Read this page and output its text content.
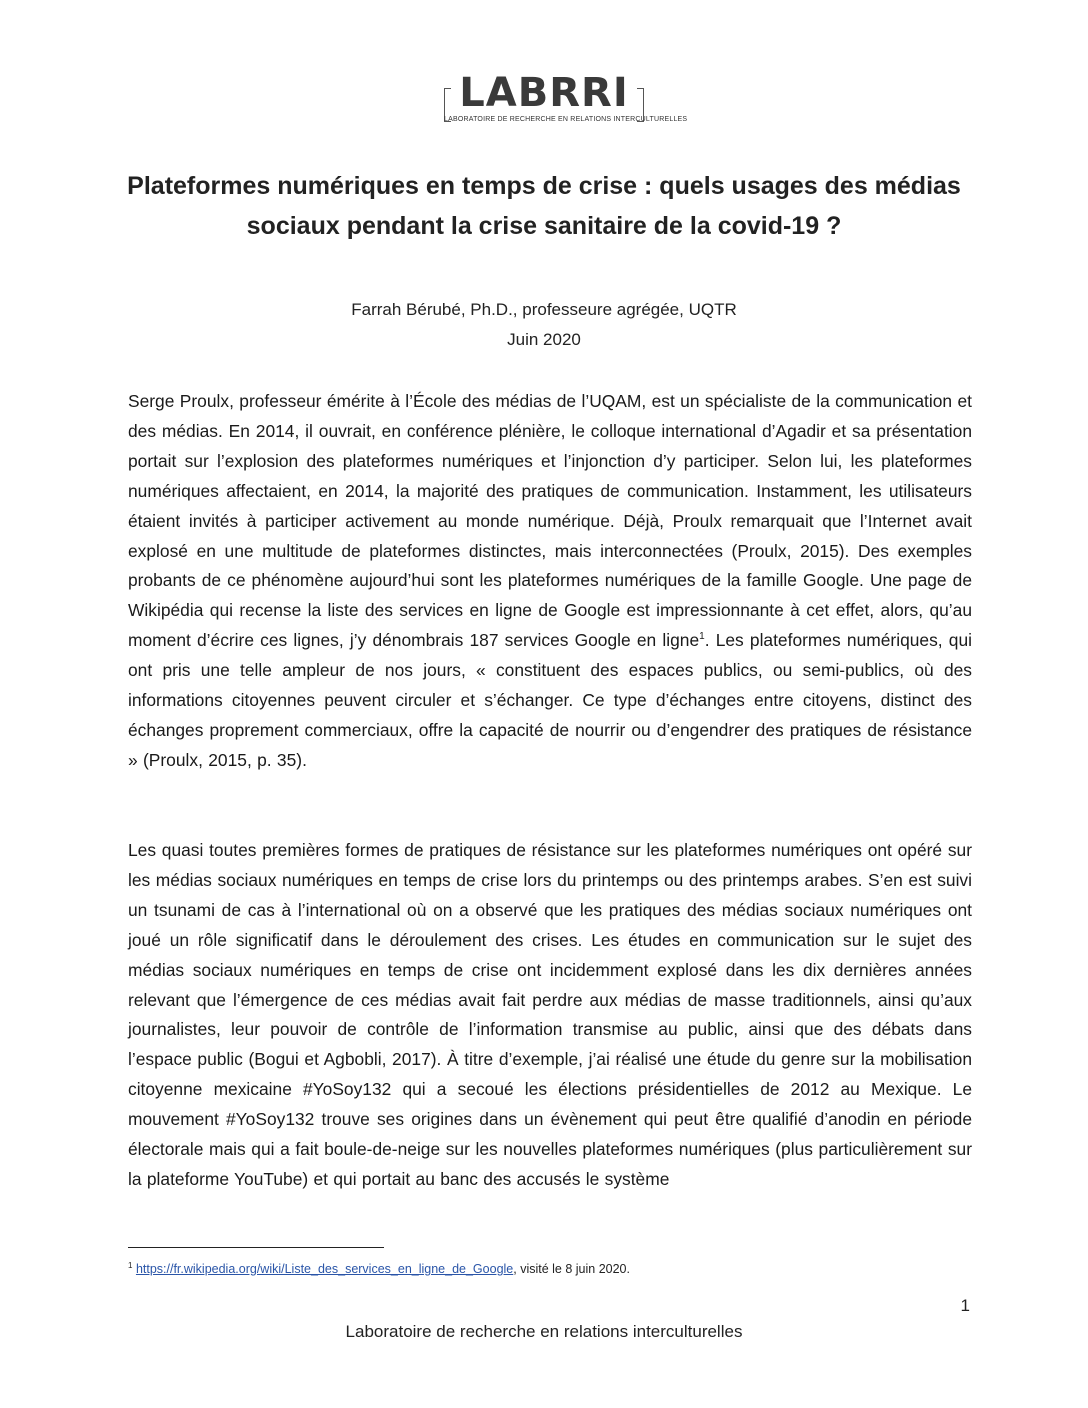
LABRRI
LABORATOIRE DE RECHERCHE EN RELATIONS INTERCULTURELLES
Plateformes numériques en temps de crise : quels usages des médias sociaux pendant la crise sanitaire de la covid-19 ?
Farrah Bérubé, Ph.D., professeure agrégée, UQTR
Juin 2020
Serge Proulx, professeur émérite à l’École des médias de l’UQAM, est un spécialiste de la communication et des médias. En 2014, il ouvrait, en conférence plénière, le colloque international d’Agadir et sa présentation portait sur l’explosion des plateformes numériques et l’injonction d’y participer. Selon lui, les plateformes numériques affectaient, en 2014, la majorité des pratiques de communication. Instamment, les utilisateurs étaient invités à participer activement au monde numérique. Déjà, Proulx remarquait que l’Internet avait explosé en une multitude de plateformes distinctes, mais interconnectées (Proulx, 2015). Des exemples probants de ce phénomène aujourd’hui sont les plateformes numériques de la famille Google. Une page de Wikipédia qui recense la liste des services en ligne de Google est impressionnante à cet effet, alors, qu’au moment d’écrire ces lignes, j’y dénombrais 187 services Google en ligne$^1$. Les plateformes numériques, qui ont pris une telle ampleur de nos jours, « constituent des espaces publics, ou semi-publics, où des informations citoyennes peuvent circuler et s’échanger. Ce type d’échanges entre citoyens, distinct des échanges proprement commerciaux, offre la capacité de nourrir ou d’engendrer des pratiques de résistance » (Proulx, 2015, p. 35).
Les quasi toutes premières formes de pratiques de résistance sur les plateformes numériques ont opéré sur les médias sociaux numériques en temps de crise lors du printemps ou des printemps arabes. S’en est suivi un tsunami de cas à l’international où on a observé que les pratiques des médias sociaux numériques ont joué un rôle significatif dans le déroulement des crises. Les études en communication sur le sujet des médias sociaux numériques en temps de crise ont incidemment explosé dans les dix dernières années relevant que l’émergence de ces médias avait fait perdre aux médias de masse traditionnels, ainsi qu’aux journalistes, leur pouvoir de contrôle de l’information transmise au public, ainsi que des débats dans l’espace public (Bogui et Agbobli, 2017). À titre d’exemple, j’ai réalisé une étude du genre sur la mobilisation citoyenne mexicaine #YoSoy132 qui a secoué les élections présidentielles de 2012 au Mexique. Le mouvement #YoSoy132 trouve ses origines dans un évènement qui peut être qualifié d’anodin en période électorale mais qui a fait boule-de-neige sur les nouvelles plateformes numériques (plus particulièrement sur la plateforme YouTube) et qui portait au banc des accusés le système
$^1$ https://fr.wikipedia.org/wiki/Liste_des_services_en_ligne_de_Google, visité le 8 juin 2020.
1
Laboratoire de recherche en relations interculturelles
